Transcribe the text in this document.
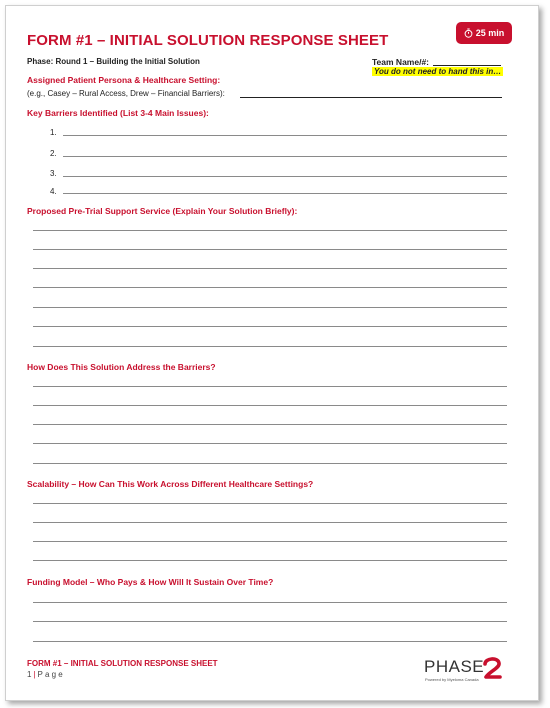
FORM #1 – INITIAL SOLUTION RESPONSE SHEET	25 min
Phase: Round 1 – Building the Initial Solution	Team Name/#:
You do not need to hand this in…
Assigned Patient Persona & Healthcare Setting:
(e.g., Casey – Rural Access, Drew – Financial Barriers):
Key Barriers Identified (List 3-4 Main Issues):
1.
2.
3.
4.
Proposed Pre-Trial Support Service (Explain Your Solution Briefly):
How Does This Solution Address the Barriers?
Scalability – How Can This Work Across Different Healthcare Settings?
Funding Model – Who Pays & How Will It Sustain Over Time?
FORM #1 – INITIAL SOLUTION RESPONSE SHEET
1 | P a g e	PHASE
Powered by Myeloma Canada
